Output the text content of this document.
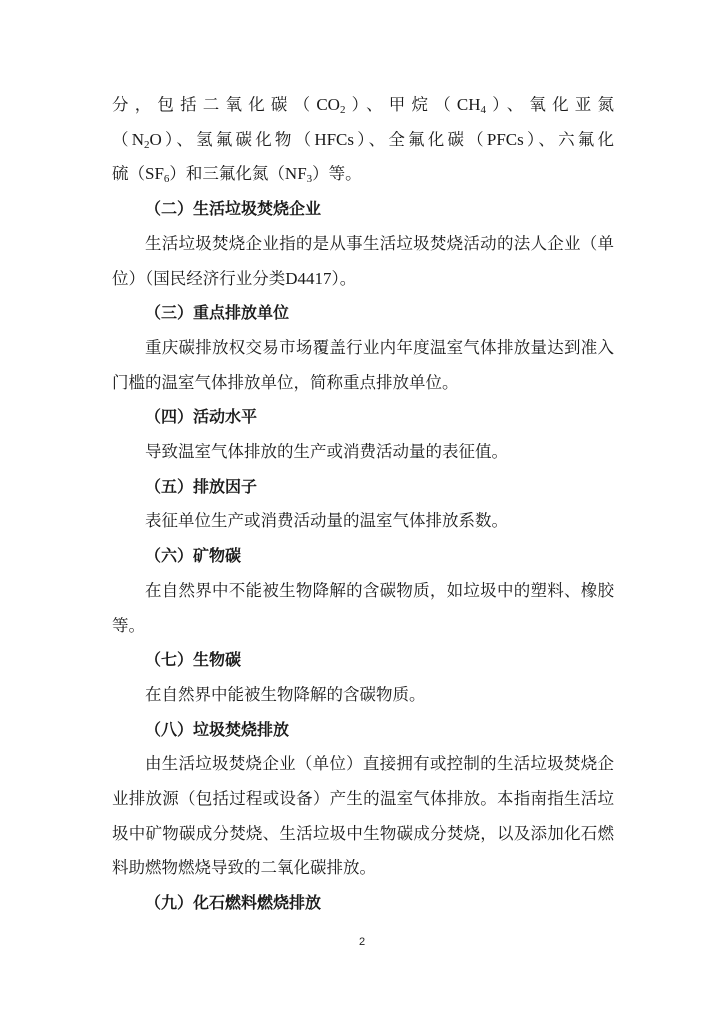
分，包括二氧化碳$(CO_2)$、甲烷$(CH_4)$、氧化亚氮

$(N_2O)$、氢氟碳化物（HFCs）、全氟化碳（PFCs）、六氟化

硫$(SF_6)$和三氟化氮$(NF_3)$等。

（二）生活垃圾焚烧企业

生活垃圾焚烧企业指的是从事生活垃圾焚烧活动的法人企业（单位）（国民经济行业分类D4417）。

（三）重点排放单位

重庆碳排放权交易市场覆盖行业内年度温室气体排放量达到准入门槛的温室气体排放单位，简称重点排放单位。

（四）活动水平

导致温室气体排放的生产或消费活动量的表征值。

（五）排放因子

表征单位生产或消费活动量的温室气体排放系数。

（六）矿物碳

在自然界中不能被生物降解的含碳物质，如垃圾中的塑料、橡胶等。

（七）生物碳

在自然界中能被生物降解的含碳物质。

（八）垃圾焚烧排放

由生活垃圾焚烧企业（单位）直接拥有或控制的生活垃圾焚烧企业排放源（包括过程或设备）产生的温室气体排放。本指南指生活垃圾中矿物碳成分焚烧、生活垃圾中生物碳成分焚烧，以及添加化石燃料助燃物燃烧导致的二氧化碳排放。

（九）化石燃料燃烧排放

2
